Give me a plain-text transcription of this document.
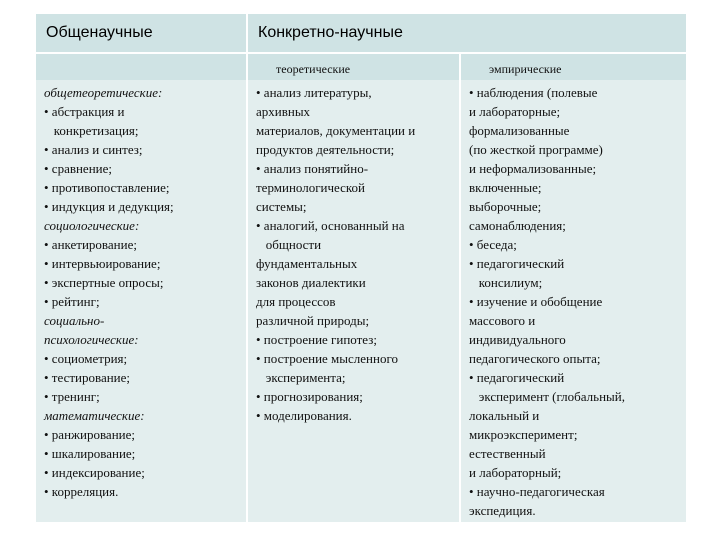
Общенаучные	Конкретно-научные
теоретические	эмпирические
общетеоретические:
• абстракция и
конкретизация;
• анализ и синтез;
• сравнение;
• противопоставление;
• индукция и дедукция;
социологические:
• анкетирование;
• интервьюирование;
• экспертные опросы;
• рейтинг;
социально-
психологические:
• социометрия;
• тестирование;
• тренинг;
математические:
• ранжирование;
• шкалирование;
• индексирование;
• корреляция.
• анализ литературы,
архивных
материалов, документации и
продуктов деятельности;
• анализ понятийно-
терминологической
системы;
• аналогий, основанный на
общности
фундаментальных
законов диалектики
для процессов
различной природы;
• построение гипотез;
• построение мысленного
эксперимента;
• прогнозирования;
• моделирования.
• наблюдения (полевые
и лабораторные;
формализованные
(по жесткой программе)
и неформализованные;
включенные;
выборочные;
самонаблюдения;
• беседа;
• педагогический
консилиум;
• изучение и обобщение
массового и
индивидуального
педагогического опыта;
• педагогический
эксперимент (глобальный,
локальный и
микроэксперимент;
естественный
и лабораторный;
• научно-педагогическая
экспедиция.
